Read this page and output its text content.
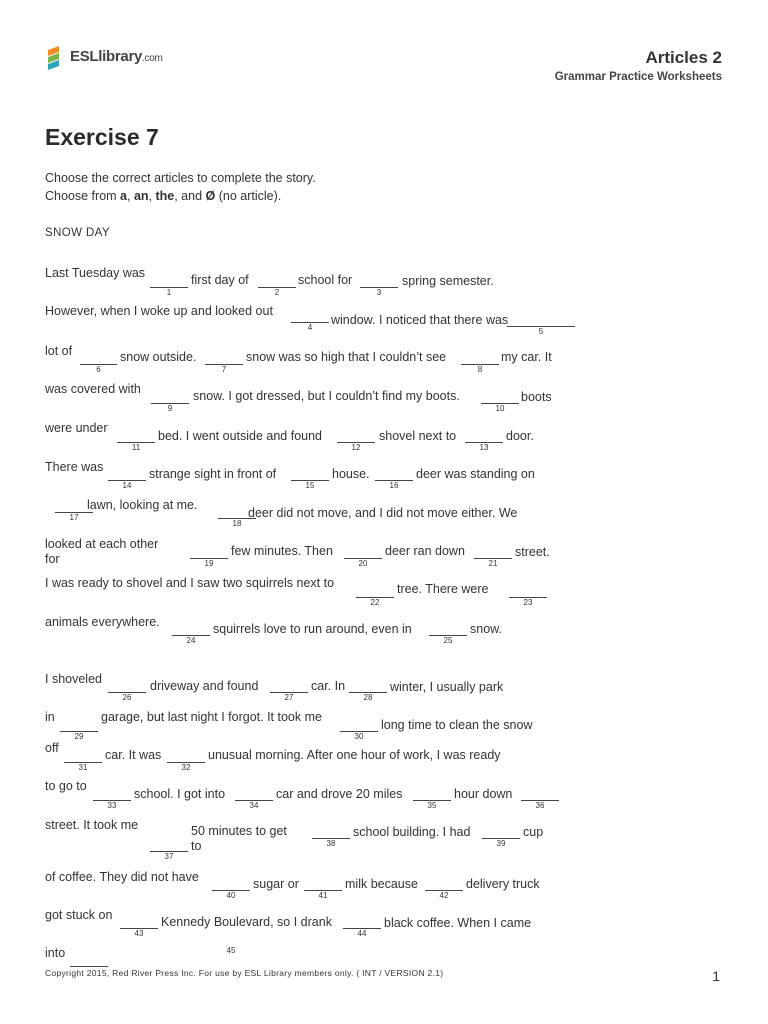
ESLlibrary.com	Articles 2
Grammar Practice Worksheets
Exercise 7
Choose the correct articles to complete the story.
Choose from a, an, the, and Ø (no article).
SNOW DAY
Last Tuesday was	first day of	school for	spring semester.
However, when I woke up and looked out
window. I noticed that there was
lot of	snow outside.	snow was so high that I couldn’t see	my car. It
was covered with	snow. I got dressed, but I couldn’t find my boots.	boots
were under
bed. I went outside and found	shovel next to	door.
There was	strange sight in front of	house.	deer was standing on
lawn, looking at me.
deer did not move, and I did not move either. We
looked at each other
for
few minutes. Then	deer ran down	street.
I was ready to shovel and I saw two squirrels next to	tree. There were
animals everywhere.	squirrels love to run around, even in	snow.
I shoveled	driveway and found	car. In	winter, I usually park
in	garage, but last night I forgot. It took me
long time to clean the snow
off	car. It was	unusual morning. After one hour of work, I was ready
to go to
school. I got into	car and drove 20 miles	hour down
street. It took me	50 minutes to get
to
school building. I had	cup
of coffee. They did not have	sugar or	milk because	delivery truck
got stuck on	Kennedy Boulevard, so I drank	black coffee. When I came
into
1	2	3
4	5
6	7	8
9	10
11	12	13
14	15	16
17
18
19	20	21
22	23
24	25
26	27	28
29	30
31	32
33	34	35	36
37
38	39
40	41	42
43	44
45
Copyright 2015, Red River Press Inc. For use by ESL Library members only. ( INT / VERSION 2.1)	1
